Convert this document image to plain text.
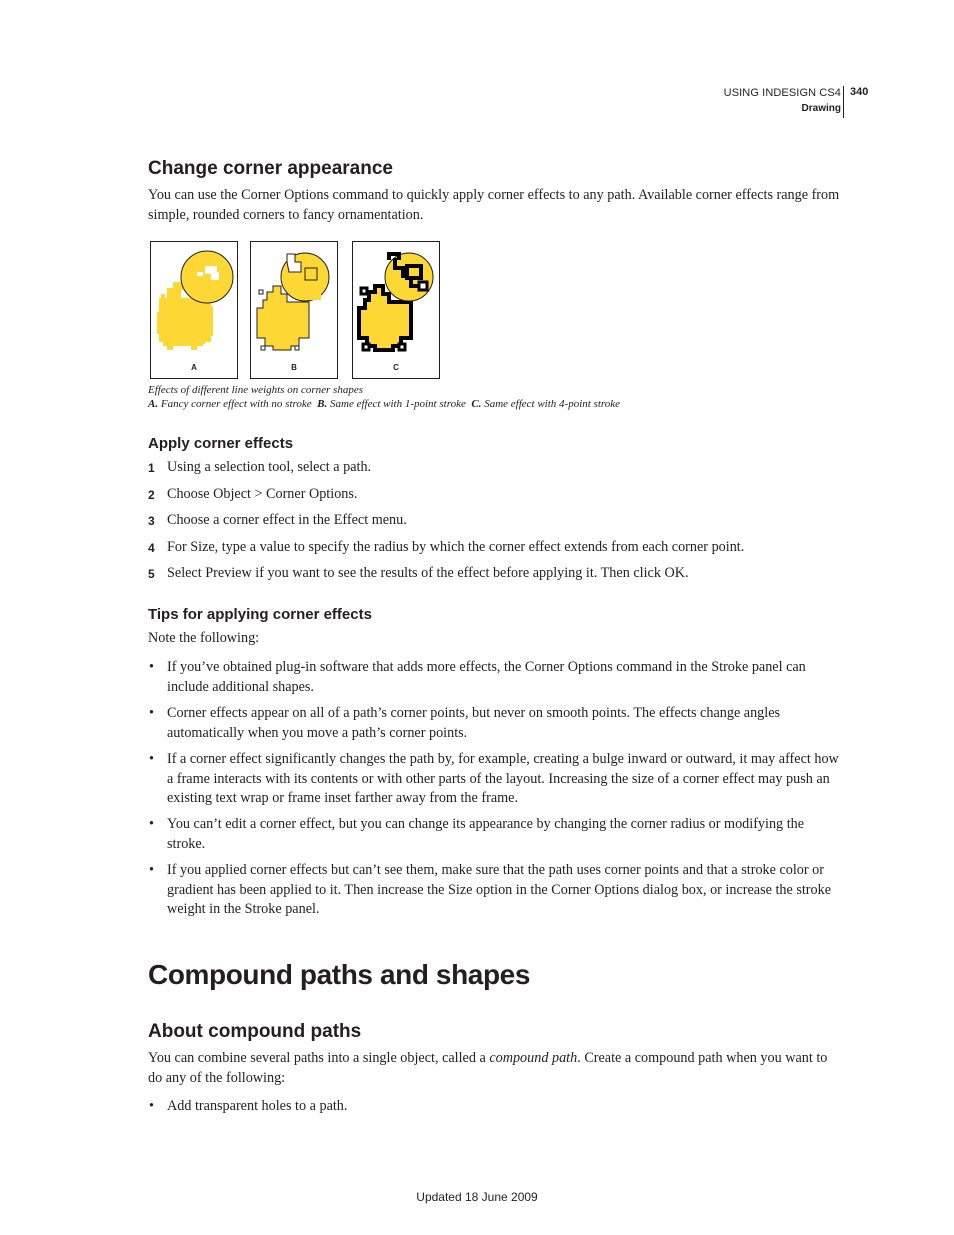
USING INDESIGN CS4
Drawing
340
Change corner appearance

You can use the Corner Options command to quickly apply corner effects to any path. Available corner effects range from simple, rounded corners to fancy ornamentation.

A	B	C
Effects of different line weights on corner shapes
A. Fancy corner effect with no stroke B. Same effect with 1-point stroke C. Same effect with 4-point stroke
Apply corner effects
1 Using a selection tool, select a path.
2 Choose Object > Corner Options.
3 Choose a corner effect in the Effect menu.
4 For Size, type a value to specify the radius by which the corner effect extends from each corner point.
5 Select Preview if you want to see the results of the effect before applying it. Then click OK.
Tips for applying corner effects

Note the following:

• If you’ve obtained plug-in software that adds more effects, the Corner Options command in the Stroke panel can include additional shapes.
• Corner effects appear on all of a path’s corner points, but never on smooth points. The effects change angles automatically when you move a path’s corner points.
• If a corner effect significantly changes the path by, for example, creating a bulge inward or outward, it may affect how a frame interacts with its contents or with other parts of the layout. Increasing the size of a corner effect may push an existing text wrap or frame inset farther away from the frame.
• You can’t edit a corner effect, but you can change its appearance by changing the corner radius or modifying the stroke.
• If you applied corner effects but can’t see them, make sure that the path uses corner points and that a stroke color or gradient has been applied to it. Then increase the Size option in the Corner Options dialog box, or increase the stroke weight in the Stroke panel.
Compound paths and shapes
About compound paths

You can combine several paths into a single object, called a compound path. Create a compound path when you want to do any of the following:

• Add transparent holes to a path.
Updated 18 June 2009
